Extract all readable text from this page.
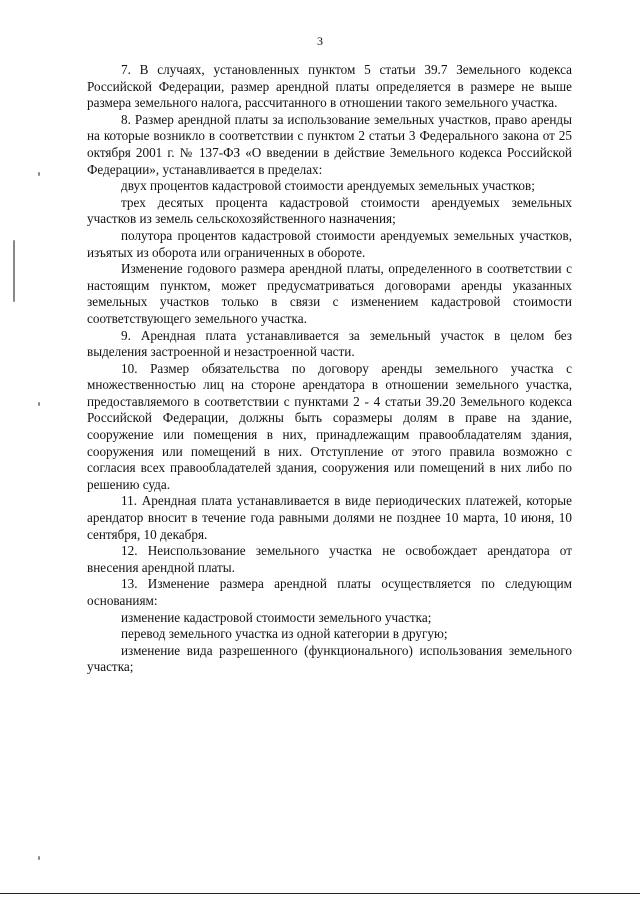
3

7. В случаях, установленных пунктом 5 статьи 39.7 Земельного кодекса Российской Федерации, размер арендной платы определяется в размере не выше размера земельного налога, рассчитанного в отношении такого земельного участка.

8. Размер арендной платы за использование земельных участков, право аренды на которые возникло в соответствии с пунктом 2 статьи 3 Федерального закона от 25 октября 2001 г. № 137-ФЗ «О введении в действие Земельного кодекса Российской Федерации», устанавливается в пределах:

двух процентов кадастровой стоимости арендуемых земельных участков;

трех десятых процента кадастровой стоимости арендуемых земельных участков из земель сельскохозяйственного назначения;

полутора процентов кадастровой стоимости арендуемых земельных участков, изъятых из оборота или ограниченных в обороте.

Изменение годового размера арендной платы, определенного в соответствии с настоящим пунктом, может предусматриваться договорами аренды указанных земельных участков только в связи с изменением кадастровой стоимости соответствующего земельного участка.

9. Арендная плата устанавливается за земельный участок в целом без выделения застроенной и незастроенной части.

10. Размер обязательства по договору аренды земельного участка с множественностью лиц на стороне арендатора в отношении земельного участка, предоставляемого в соответствии с пунктами 2 - 4 статьи 39.20 Земельного кодекса Российской Федерации, должны быть соразмеры долям в праве на здание, сооружение или помещения в них, принадлежащим правообладателям здания, сооружения или помещений в них. Отступление от этого правила возможно с согласия всех правообладателей здания, сооружения или помещений в них либо по решению суда.

11. Арендная плата устанавливается в виде периодических платежей, которые арендатор вносит в течение года равными долями не позднее 10 марта, 10 июня, 10 сентября, 10 декабря.

12. Неиспользование земельного участка не освобождает арендатора от внесения арендной платы.

13. Изменение размера арендной платы осуществляется по следующим основаниям:

изменение кадастровой стоимости земельного участка;

перевод земельного участка из одной категории в другую;

изменение вида разрешенного (функционального) использования земельного участка;
